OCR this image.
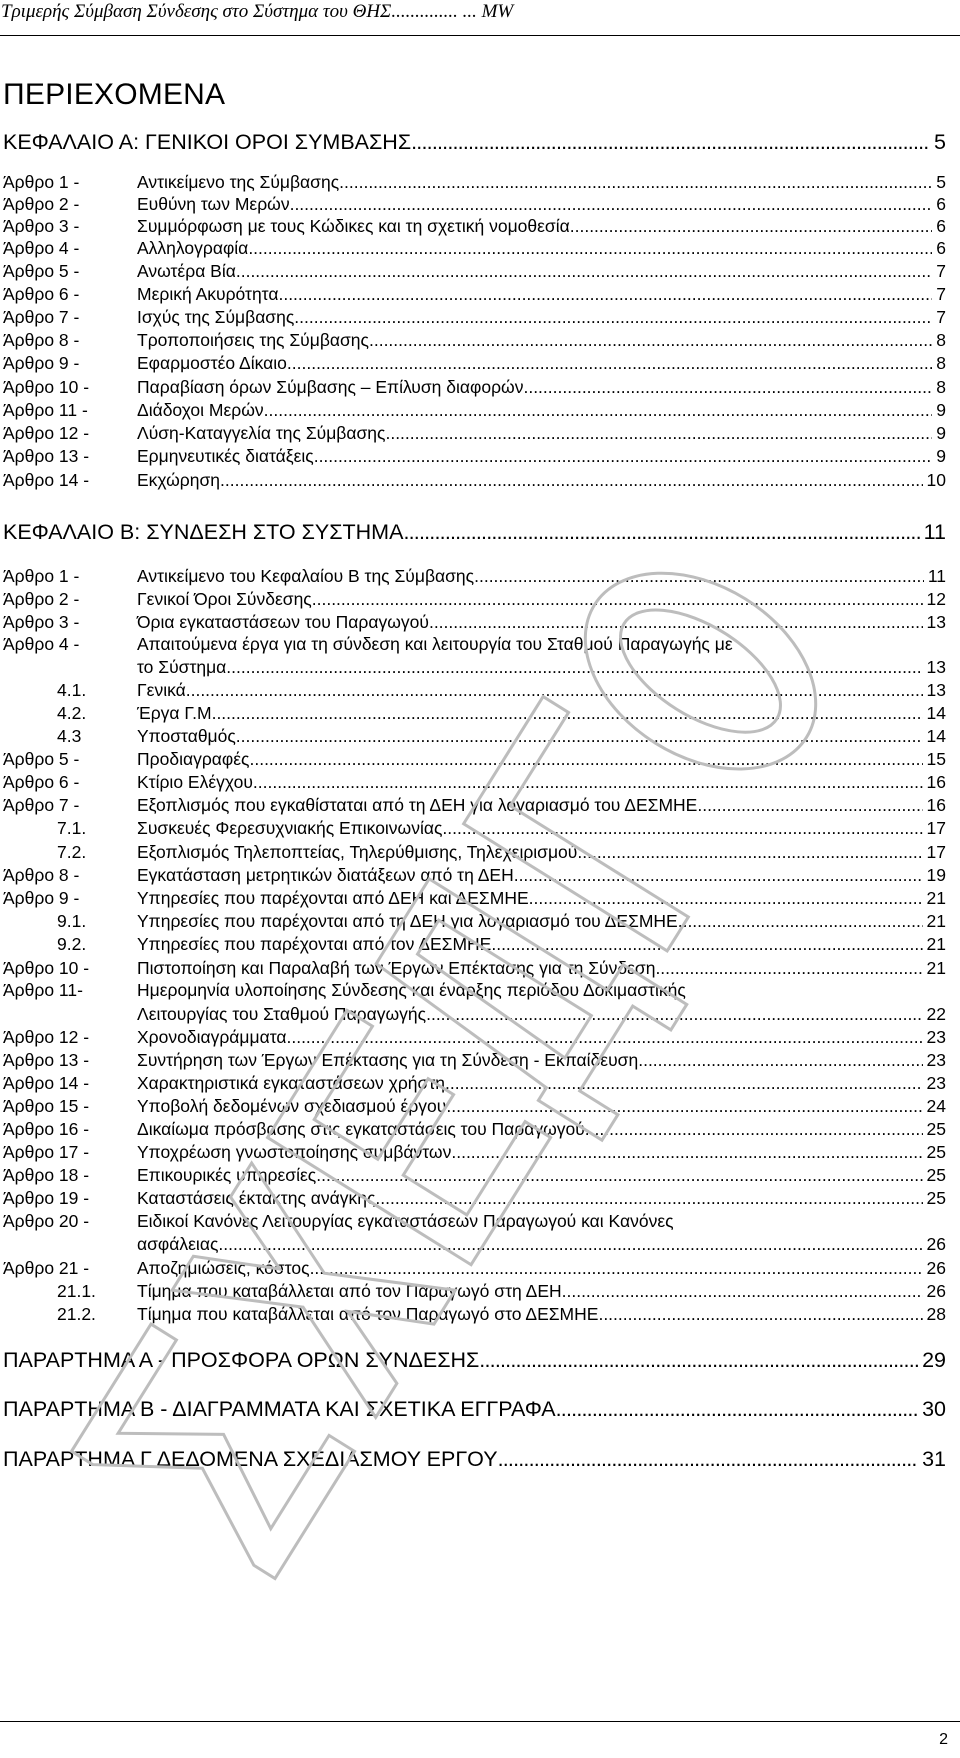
Τριμερής Σύμβαση Σύνδεσης στο Σύστημα του ΘΗΣ.............. ... ΜW
ΠΕΡΙΕΧΟΜΕΝΑ
ΚΕΦΑΛΑΙΟ Α: ΓΕΝΙΚΟΙ ΟΡΟΙ ΣΥΜΒΑΣΗΣ .....	5
Άρθρο 1 -	Αντικείμενο της Σύμβασης .....	5
Άρθρο 2 -	Ευθύνη των Μερών .....	6
Άρθρο 3 -	Συμμόρφωση με τους Κώδικες και τη σχετική νομοθεσία .....	6
Άρθρο 4 -	Αλληλογραφία .....	6
Άρθρο 5 -	Ανωτέρα Βία .....	7
Άρθρο 6 -	Μερική Ακυρότητα .....	7
Άρθρο 7 -	Ισχύς της Σύμβασης .....	7
Άρθρο 8 -	Τροποποιήσεις της Σύμβασης .....	8
Άρθρο 9 -	Εφαρμοστέο Δίκαιο .....	8
Άρθρο 10 -	Παραβίαση όρων Σύμβασης – Επίλυση διαφορών .....	8
Άρθρο 11 -	Διάδοχοι Μερών .....	9
Άρθρο 12 -	Λύση-Καταγγελία της Σύμβασης .....	9
Άρθρο 13 -	Ερμηνευτικές διατάξεις .....	9
Άρθρο 14 -	Εκχώρηση .....	10
ΚΕΦΑΛΑΙΟ Β: ΣΥΝΔΕΣΗ ΣΤΟ ΣΥΣΤΗΜΑ .....	11
Άρθρο 1 -	Αντικείμενο του Κεφαλαίου Β της Σύμβασης .....	11
Άρθρο 2 -	Γενικοί Όροι Σύνδεσης .....	12
Άρθρο 3 -	Όρια εγκαταστάσεων του Παραγωγού .....	13
Άρθρο 4 -	Απαιτούμενα έργα για τη σύνδεση και λειτουργία του Σταθμού Παραγωγής με
το Σύστημα .....	13
4.1.	Γενικά .....	13
4.2.	Έργα Γ.Μ. .....	14
4.3	Υποσταθμός .....	14
Άρθρο 5 -	Προδιαγραφές .....	15
Άρθρο 6 -	Κτίριο Ελέγχου .....	16
Άρθρο 7 -	Εξοπλισμός που εγκαθίσταται από τη ΔΕΗ για λογαριασμό του ΔΕΣΜΗΕ .....	16
7.1.	Συσκευές Φερεσυχνιακής Επικοινωνίας .....	17
7.2.	Εξοπλισμός Τηλεποπτείας, Τηλερύθμισης, Τηλεχειρισμού .....	17
Άρθρο 8 -	Εγκατάσταση μετρητικών διατάξεων από τη ΔΕΗ .....	19
Άρθρο 9 -	Υπηρεσίες που παρέχονται από ΔΕΗ και ΔΕΣΜΗΕ .....	21
9.1.	Υπηρεσίες που παρέχονται από τη ΔΕΗ για λογαριασμό του ΔΕΣΜΗΕ .....	21
9.2.	Υπηρεσίες που παρέχονται από τον ΔΕΣΜΗΕ .....	21
Άρθρο 10 -	Πιστοποίηση και Παραλαβή των Έργων Επέκτασης για τη Σύνδεση .....	21
Άρθρο 11-	Ημερομηνία υλοποίησης Σύνδεσης και έναρξης περιόδου Δοκιμαστικής
Λειτουργίας του Σταθμού Παραγωγής .....	22
Άρθρο 12 -	Χρονοδιαγράμματα .....	23
Άρθρο 13 -	Συντήρηση των Έργων Επέκτασης για τη Σύνδεση - Εκπαίδευση .....	23
Άρθρο 14 -	Χαρακτηριστικά εγκαταστάσεων χρήστη .....	23
Άρθρο 15 -	Υποβολή δεδομένων σχεδιασμού έργου .....	24
Άρθρο 16 -	Δικαίωμα πρόσβασης στις εγκαταστάσεις του Παραγωγού .....	25
Άρθρο 17 -	Υποχρέωση γνωστοποίησης συμβάντων .....	25
Άρθρο 18 -	Επικουρικές υπηρεσίες .....	25
Άρθρο 19 -	Καταστάσεις έκτακτης ανάγκης .....	25
Άρθρο 20 -	Ειδικοί Κανόνες Λειτουργίας εγκαταστάσεων Παραγωγού και Κανόνες
ασφάλειας .....	26
Άρθρο 21 -	Αποζημιώσεις, κόστος .....	26
21.1.	Τίμημα που καταβάλλεται από τον Παραγωγό στη ΔΕΗ .....	26
21.2.	Τίμημα που καταβάλλεται από τον Παραγωγό στο ΔΕΣΜΗΕ .....	28
ΠΑΡΑΡΤΗΜΑ Α - ΠΡΟΣΦΟΡΑ ΟΡΩΝ ΣΥΝΔΕΣΗΣ .....	29
ΠΑΡΑΡΤΗΜΑ Β - ΔΙΑΓΡΑΜΜΑΤΑ ΚΑΙ ΣΧΕΤΙΚΑ ΕΓΓΡΑΦΑ .....	30
ΠΑΡΑΡΤΗΜΑ Γ ΔΕΔΟΜΕΝΑ ΣΧΕΔΙΑΣΜΟΥ ΕΡΓΟΥ .....	31
2
